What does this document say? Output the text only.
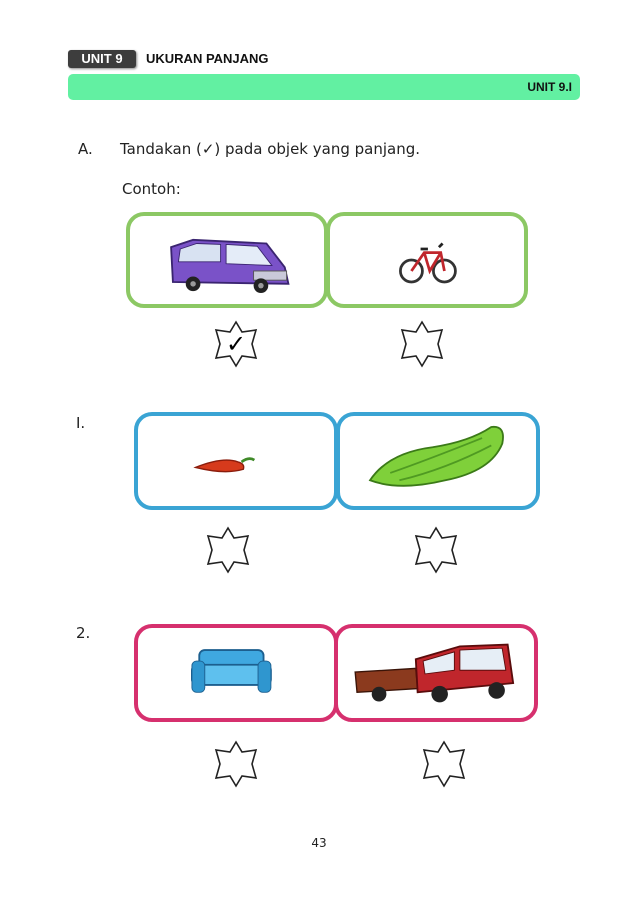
UNIT 9	UKURAN PANJANG
UNIT 9.I
A. Tandakan (✓) pada objek yang panjang.
Contoh:
✓
I.
2.
43
